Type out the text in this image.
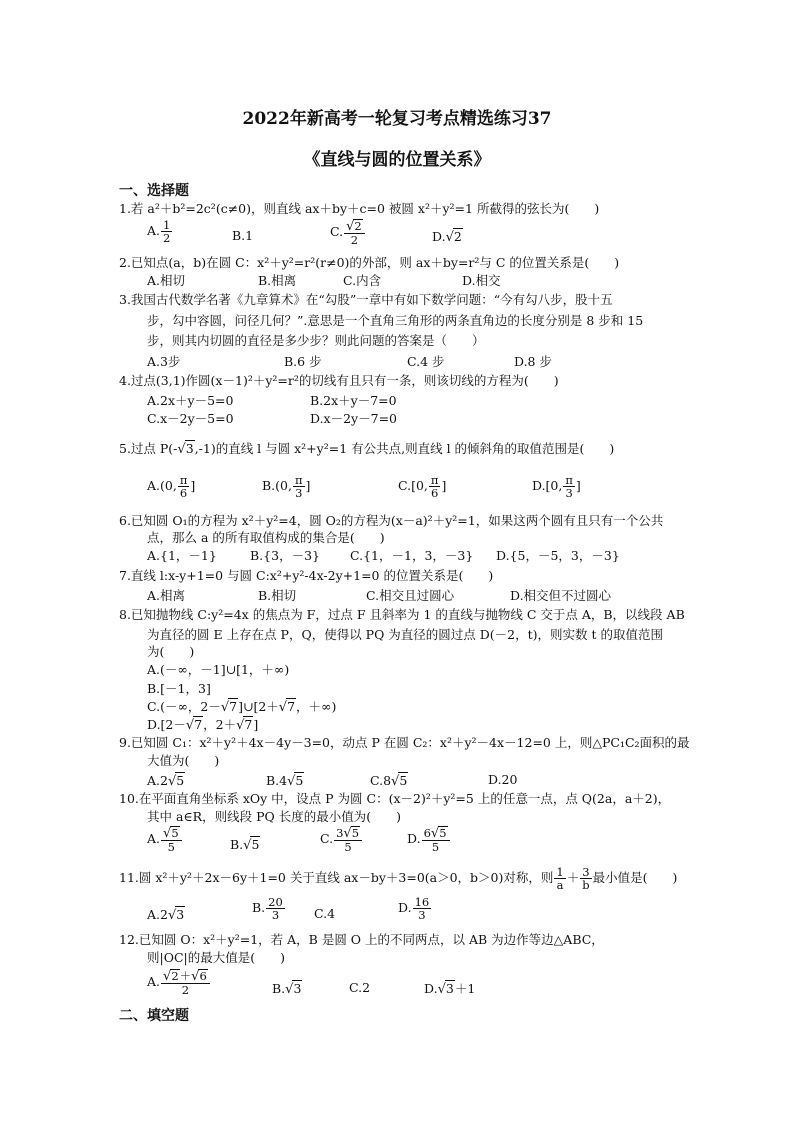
2022年新高考一轮复习考点精选练习37
《直线与圆的位置关系》
一、选择题
1.若 a²＋b²=2c²(c≠0)，则直线 ax＋by＋c=0 被圆 x²＋y²=1 所截得的弦长为(　　)
A. $\frac{1}{2}$	B.1	C. $\frac{√2}{2}$	D.√2
2.已知点(a，b)在圆 C：x²＋y²=r²(r≠0)的外部，则 ax＋by=r²与 C 的位置关系是(　　)
A.相切	B.相离	C.内含	D.相交
3.我国古代数学名著《九章算术》在“勾股”一章中有如下数学问题：“今有勾八步，股十五
步，勾中容圆，问径几何？”.意思是一个直角三角形的两条直角边的长度分别是 8 步和 15
步，则其内切圆的直径是多少步？则此问题的答案是（　　）
A.3步	B.6 步	C.4 步	D.8 步
4.过点(3,1)作圆(x－1)²＋y²=r²的切线有且只有一条，则该切线的方程为(　　)
A.2x＋y－5=0	B.2x＋y－7=0
C.x－2y－5=0	D.x－2y－7=0
5.过点 P(-√3,-1)的直线 l 与圆 x²+y²=1 有公共点,则直线 l 的倾斜角的取值范围是(　　)
A.(0, $\frac{\pi}{6}$ ]	B.(0, $\frac{\pi}{3}$ ]	C.[0, $\frac{\pi}{6}$ ]	D.[0, $\frac{\pi}{3}$ ]
6.已知圆 O₁的方程为 x²＋y²=4，圆 O₂的方程为(x－a)²＋y²=1，如果这两个圆有且只有一个公共
点，那么 a 的所有取值构成的集合是(　　)
A.{1，－1}	B.{3，－3} C.{1，－1，3，－3} D.{5，－5，3，－3}
7.直线 l:x-y+1=0 与圆 C:x²+y²-4x-2y+1=0 的位置关系是(　　)
A.相离	B.相切	C.相交且过圆心	D.相交但不过圆心
8.已知抛物线 C:y²=4x 的焦点为 F，过点 F 且斜率为 1 的直线与抛物线 C 交于点 A，B，以线段 AB
为直径的圆 E 上存在点 P，Q，使得以 PQ 为直径的圆过点 D(－2，t)，则实数 t 的取值范围
为(　　)
A.(－∞，－1]∪[1，＋∞)
B.[－1，3]
C.(－∞，2－√7]∪[2＋√7，＋∞)
D.[2－√7，2＋√7]
9.已知圆 C₁：x²＋y²＋4x－4y－3=0，动点 P 在圆 C₂：x²＋y²－4x－12=0 上，则△PC₁C₂面积的最
大值为(　　)
A.2√5	B.4√5	C.8√5	D.20
10.在平面直角坐标系 xOy 中，设点 P 为圆 C：(x－2)²＋y²=5 上的任意一点，点 Q(2a，a＋2)，
其中 a∈R，则线段 PQ 长度的最小值为(　　)
A. $\frac{√5}{5}$	B.√5	C. $\frac{3√5}{5}$	D. $\frac{6√5}{5}$
11.圆 x²＋y²＋2x－6y＋1=0 关于直线 ax－by＋3=0(a＞0，b＞0)对称，则 $\frac{1}{a} + \frac{3}{b}$ 最小值是(　　)
A.2√3	B. $\frac{20}{3} C.4$	D. $\frac{16}{3}$
12.已知圆 O：x²＋y²=1，若 A，B 是圆 O 上的不同两点，以 AB 为边作等边△ABC，
则|OC|的最大值是(　　)
A. $\frac{√2+√6}{2}$	B.√3	C.2	D.√3＋1
二、填空题
